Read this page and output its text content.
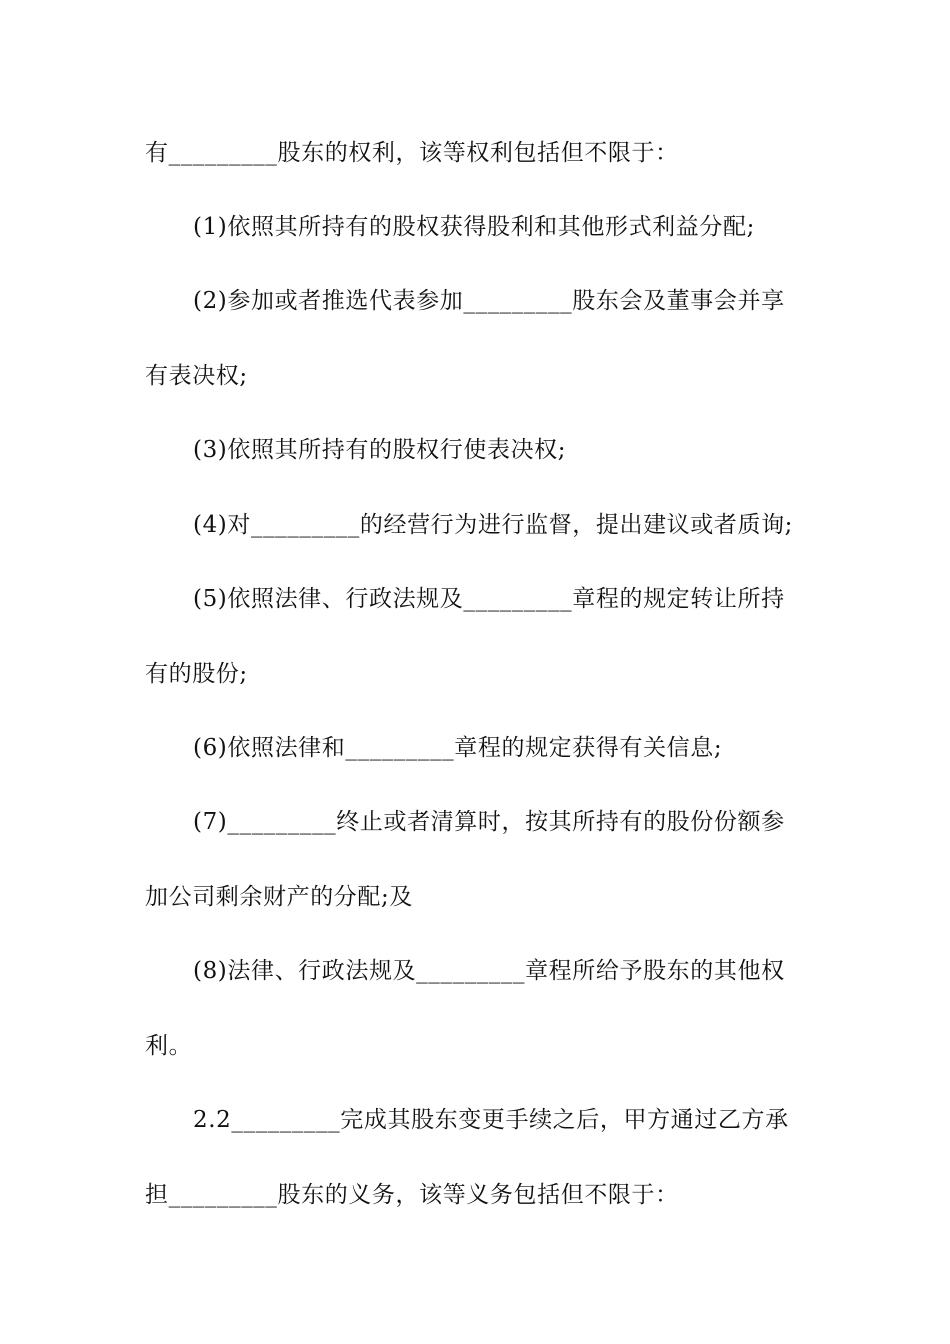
有_________股东的权利，该等权利包括但不限于：
(1)依照其所持有的股权获得股利和其他形式利益分配;
(2)参加或者推选代表参加_________股东会及董事会并享
有表决权;
(3)依照其所持有的股权行使表决权;
(4)对_________的经营行为进行监督，提出建议或者质询;
(5)依照法律、行政法规及_________章程的规定转让所持
有的股份;
(6)依照法律和_________章程的规定获得有关信息;
(7)_________终止或者清算时，按其所持有的股份份额参
加公司剩余财产的分配;及
(8)法律、行政法规及_________章程所给予股东的其他权
利。
2.2_________完成其股东变更手续之后，甲方通过乙方承
担_________股东的义务，该等义务包括但不限于：
